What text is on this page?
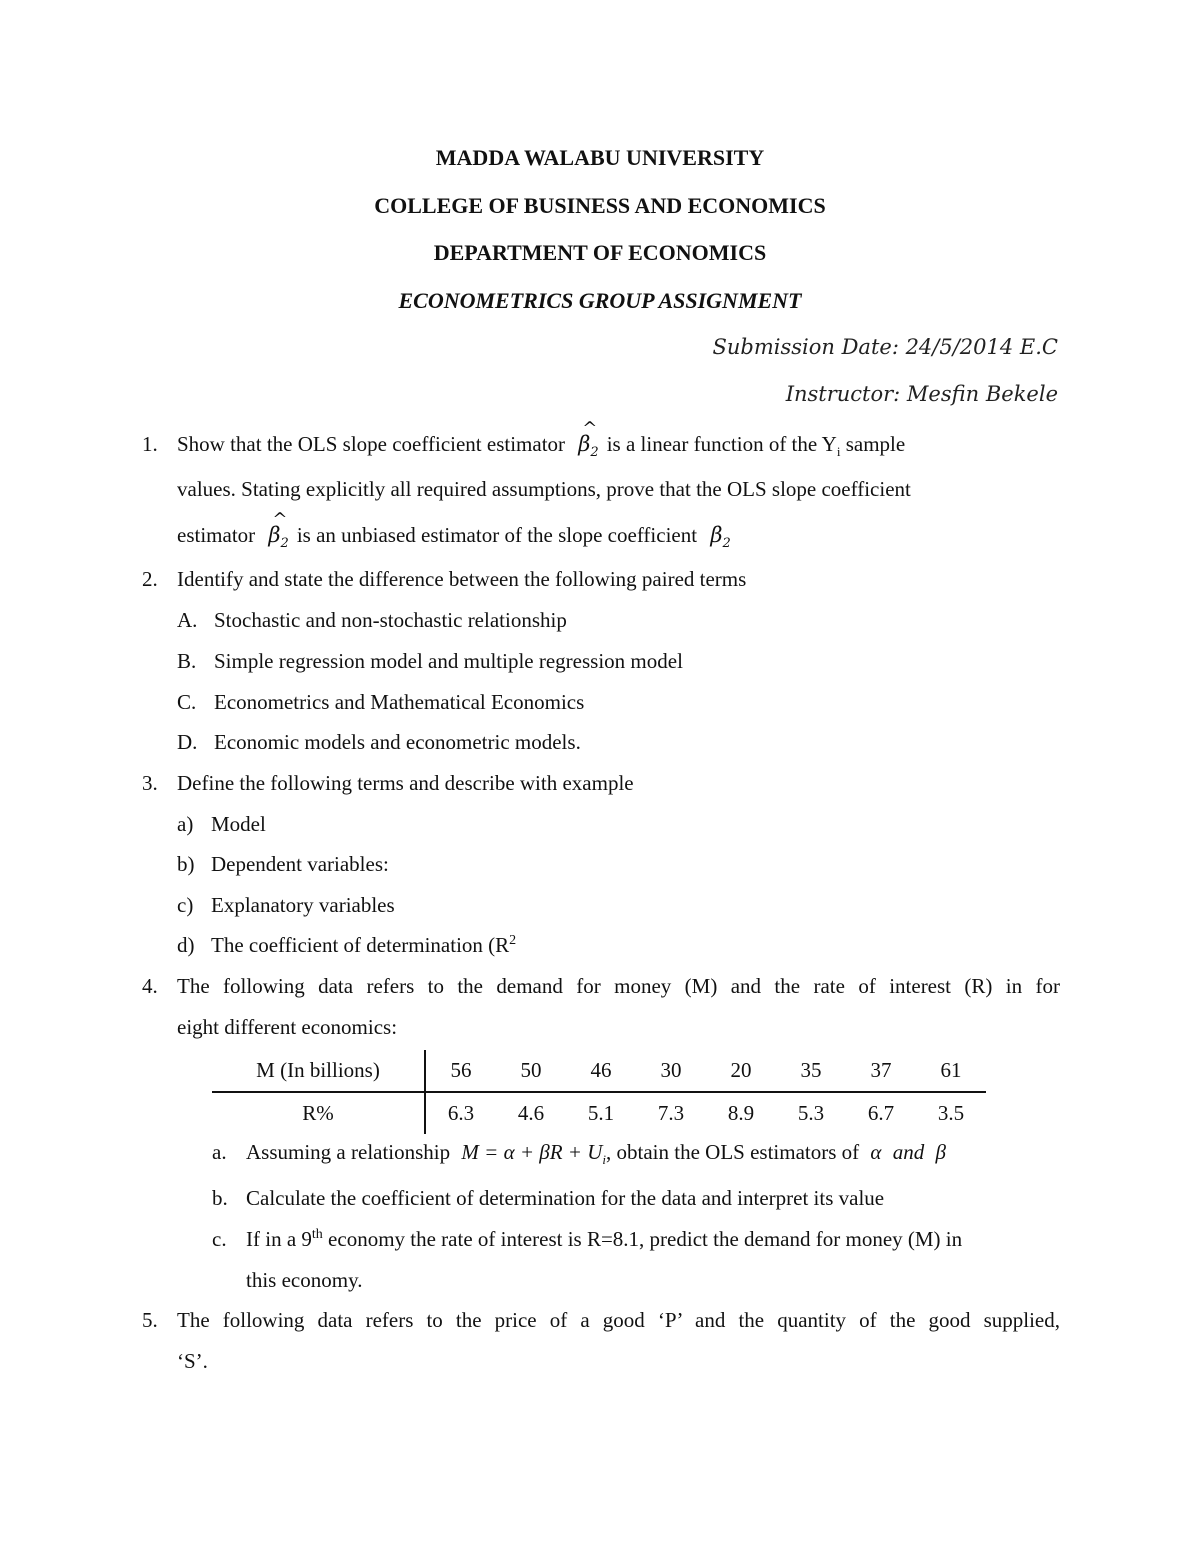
MADDA WALABU UNIVERSITY
COLLEGE OF BUSINESS AND ECONOMICS
DEPARTMENT OF ECONOMICS
ECONOMETRICS GROUP ASSIGNMENT
Submission Date: 24/5/2014 E.C
Instructor: Mesfin Bekele
1. Show that the OLS slope coefficient estimator
^
$\beta_2$ is a linear function of the $Y_i$ sample
values. Stating explicitly all required assumptions, prove that the OLS slope coefficient
estimator
^
$\beta_2$ is an unbiased estimator of the slope coefficient $\beta_2$
2. Identify and state the difference between the following paired terms
A. Stochastic and non-stochastic relationship
B. Simple regression model and multiple regression model
C. Econometrics and Mathematical Economics
D. Economic models and econometric models.
3. Define the following terms and describe with example
a) Model
b) Dependent variables:
c) Explanatory variables
d) The coefficient of determination ($R^2$
4. The following data refers to the demand for money (M) and the rate of interest (R) in for
eight different economics:
M (In billions)	56	50	46	30	20	35	37	61
R%	6.3	4.6	5.1	7.3	8.9	5.3	6.7	3.5
a. Assuming a relationship $M = \alpha + \beta R + U_i$, obtain the OLS estimators of α and β
b. Calculate the coefficient of determination for the data and interpret its value
c. If in a 9th economy the rate of interest is R=8.1, predict the demand for money (M) in
this economy.
5. The following data refers to the price of a good ‘P’ and the quantity of the good supplied,
‘S’.
